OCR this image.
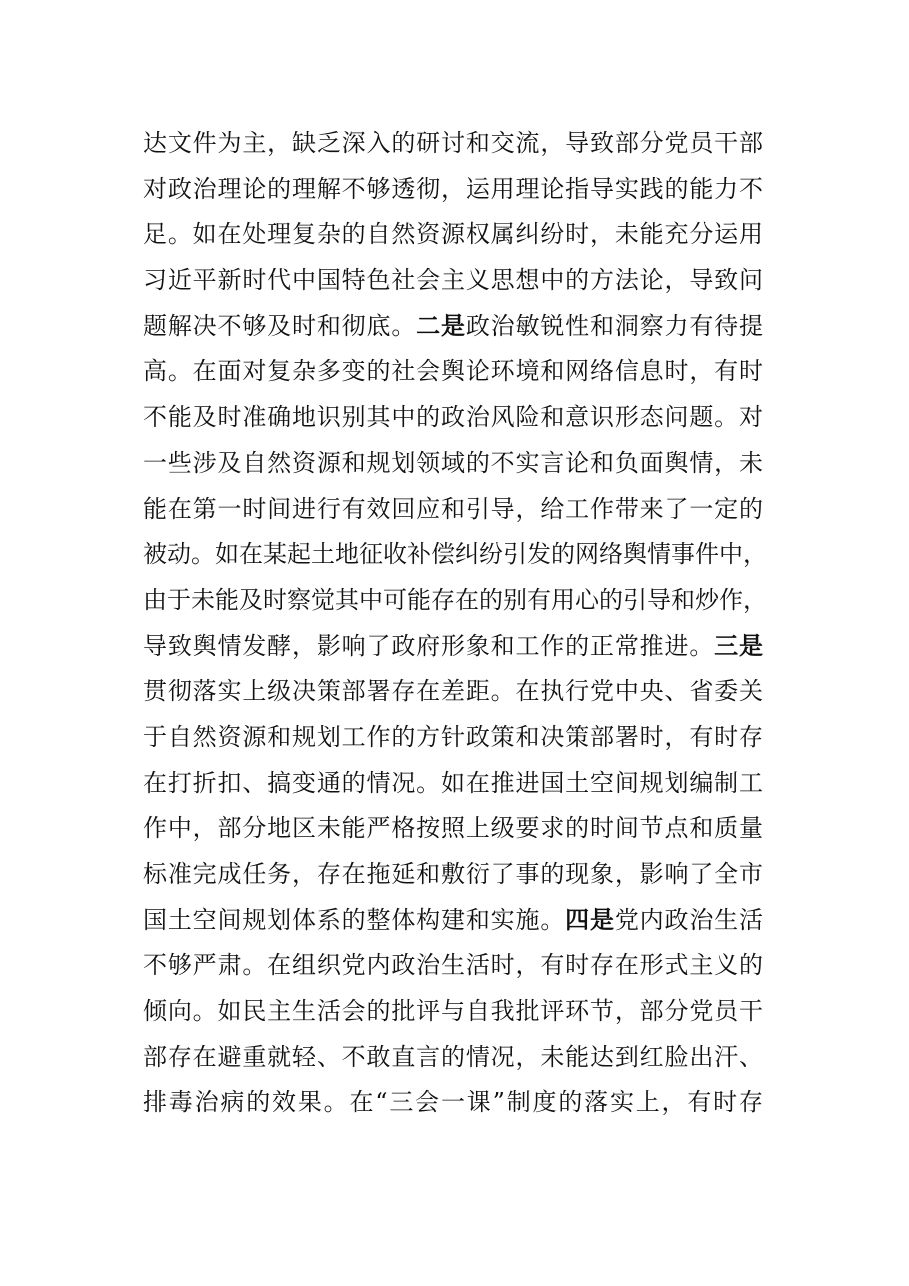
达文件为主，缺乏深入的研讨和交流，导致部分党员干部
对政治理论的理解不够透彻，运用理论指导实践的能力不
足。如在处理复杂的自然资源权属纠纷时，未能充分运用
习近平新时代中国特色社会主义思想中的方法论，导致问
题解决不够及时和彻底。二是政治敏锐性和洞察力有待提
高。在面对复杂多变的社会舆论环境和网络信息时，有时
不能及时准确地识别其中的政治风险和意识形态问题。对
一些涉及自然资源和规划领域的不实言论和负面舆情，未
能在第一时间进行有效回应和引导，给工作带来了一定的
被动。如在某起土地征收补偿纠纷引发的网络舆情事件中，
由于未能及时察觉其中可能存在的别有用心的引导和炒作，
导致舆情发酵，影响了政府形象和工作的正常推进。三是
贯彻落实上级决策部署存在差距。在执行党中央、省委关
于自然资源和规划工作的方针政策和决策部署时，有时存
在打折扣、搞变通的情况。如在推进国土空间规划编制工
作中，部分地区未能严格按照上级要求的时间节点和质量
标准完成任务，存在拖延和敷衍了事的现象，影响了全市
国土空间规划体系的整体构建和实施。四是党内政治生活
不够严肃。在组织党内政治生活时，有时存在形式主义的
倾向。如民主生活会的批评与自我批评环节，部分党员干
部存在避重就轻、不敢直言的情况，未能达到红脸出汗、
排毒治病的效果。在“三会一课”制度的落实上，有时存
